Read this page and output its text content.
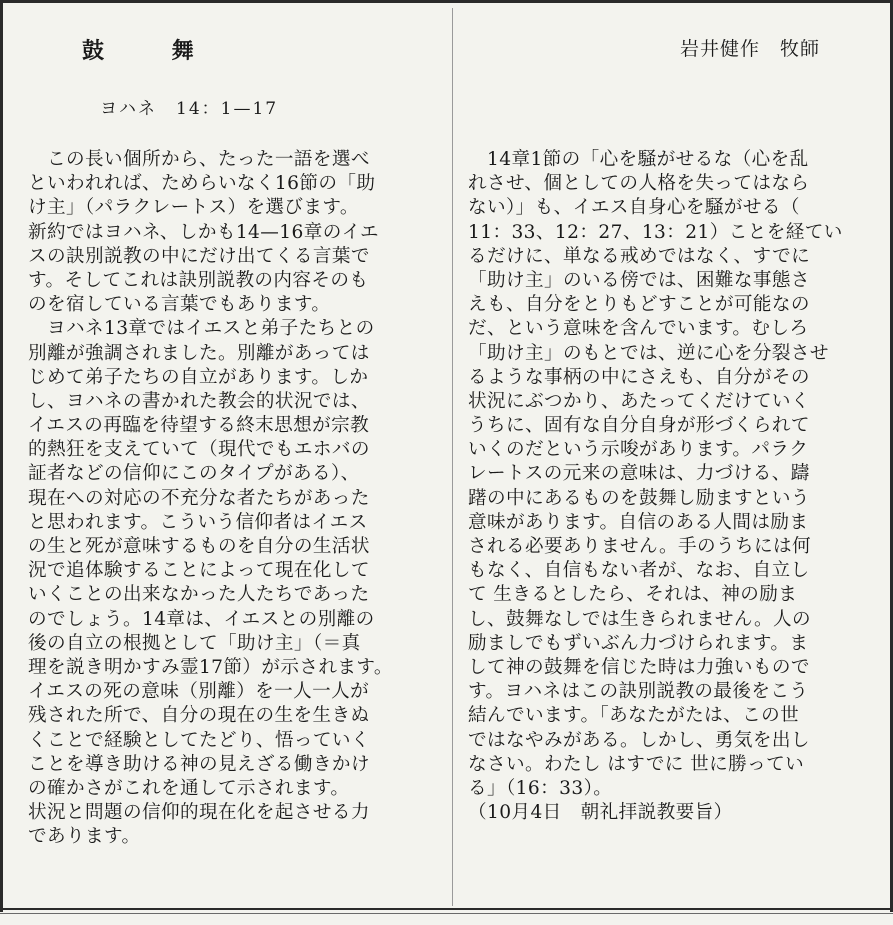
鼓 舞
ヨハネ　14：1—17
岩井健作　牧師
　この長い個所から、たった一語を選べ
といわれれば、ためらいなく16節の「助
け主」（パラクレートス）を選びます。
新約ではヨハネ、しかも14—16章のイエ
スの訣別説教の中にだけ出てくる言葉で
す。そしてこれは訣別説教の内容そのも
のを宿している言葉でもあります。
　ヨハネ13章ではイエスと弟子たちとの
別離が強調されました。別離があっては
じめて弟子たちの自立があります。しか
し、ヨハネの書かれた教会的状況では、
イエスの再臨を待望する終末思想が宗教
的熱狂を支えていて（現代でもエホバの
証者などの信仰にこのタイプがある）、
現在への対応の不充分な者たちがあった
と思われます。こういう信仰者はイエス
の生と死が意味するものを自分の生活状
況で追体験することによって現在化して
いくことの出来なかった人たちであった
のでしょう。14章は、イエスとの別離の
後の自立の根拠として「助け主」（＝真
理を説き明かすみ霊17節）が示されます。
イエスの死の意味（別離）を一人一人が
残された所で、自分の現在の生を生きぬ
くことで経験としてたどり、悟っていく
ことを導き助ける神の見えざる働きかけ
の確かさがこれを通して示されます。
状況と問題の信仰的現在化を起させる力
であります。
　14章1節の「心を騒がせるな（心を乱
れさせ、個としての人格を失ってはなら
ない）」も、イエス自身心を騒がせる（
11：33、12：27、13：21）ことを経てい
るだけに、単なる戒めではなく、すでに
「助け主」のいる傍では、困難な事態さ
えも、自分をとりもどすことが可能なの
だ、という意味を含んでいます。むしろ
「助け主」のもとでは、逆に心を分裂させ
るような事柄の中にさえも、自分がその
状況にぶつかり、あたってくだけていく
うちに、固有な自分自身が形づくられて
いくのだという示唆があります。パラク
レートスの元来の意味は、力づける、躊
躇の中にあるものを鼓舞し励ますという
意味があります。自信のある人間は励ま
される必要ありません。手のうちには何
もなく、自信もない者が、なお、自立し
て 生きるとしたら、それは、神の励ま
し、鼓舞なしでは生きられません。人の
励ましでもずいぶん力づけられます。ま
して神の鼓舞を信じた時は力強いもので
す。ヨハネはこの訣別説教の最後をこう
結んでいます。「あなたがたは、この世
ではなやみがある。しかし、勇気を出し
なさい。わたし はすでに 世に勝ってい
る」（16：33）。
（10月4日　朝礼拝説教要旨）
